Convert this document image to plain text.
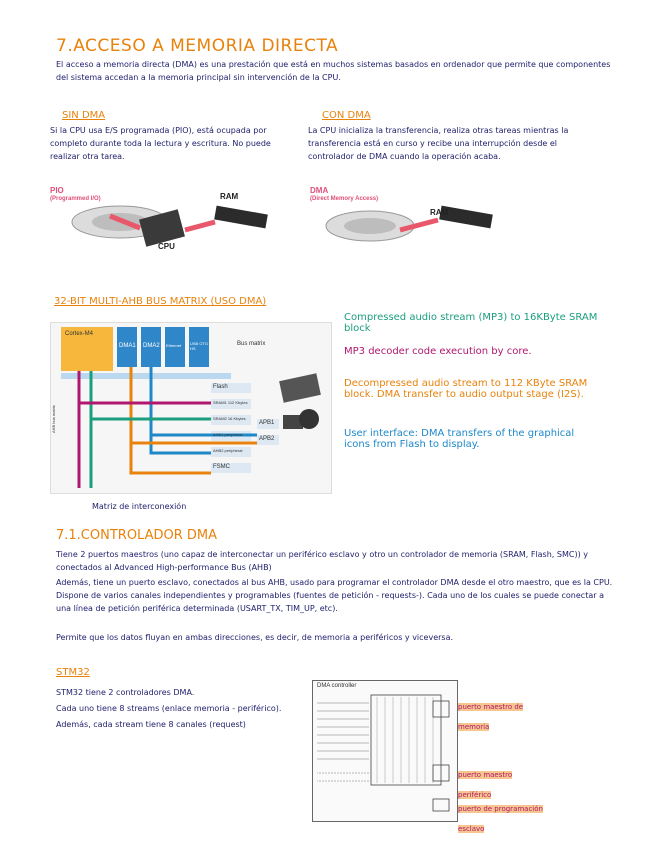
7.ACCESO A MEMORIA DIRECTA
El acceso a memoria directa (DMA) es una prestación que está en muchos sistemas basados en ordenador que permite que componentes del sistema accedan a la memoria principal sin intervención de la CPU.
SIN DMA
Si la CPU usa E/S programada (PIO), está ocupada por completo durante toda la lectura y escritura. No puede realizar otra tarea.
CON DMA
La CPU inicializa la transferencia, realiza otras tareas mientras la transferencia está en curso y recibe una interrupción desde el controlador de DMA cuando la operación acaba.
PIO
(Programmed I/O)	RAM
CPU
DMA
(Direct Memory Access)
RAM
32-BIT MULTI-AHB BUS MATRIX (USO DMA)
Cortex-M4
DMA1 DMA2 Ethernet USB OTG HS
Bus matrix
Flash
SRAM1 112 Kbytes
SRAM2 16 Kbytes
AHB1 peripheral
AHB2 peripheral
FSMC
APB1
APB2
AHB bus matrix
Matriz de interconexión
Compressed audio stream (MP3) to 16KByte SRAM block
MP3 decoder code execution by core.
Decompressed audio stream to 112 KByte SRAM block. DMA transfer to audio output stage (I2S).
User interface: DMA transfers of the graphical icons from Flash to display.
7.1.CONTROLADOR DMA
Tiene 2 puertos maestros (uno capaz de interconectar un periférico esclavo y otro un controlador de memoria (SRAM, Flash, SMC)) y conectados al Advanced High-performance Bus (AHB)
Además, tiene un puerto esclavo, conectados al bus AHB, usado para programar el controlador DMA desde el otro maestro, que es la CPU. Dispone de varios canales independientes y programables (fuentes de petición - requests-). Cada uno de los cuales se puede conectar a una línea de petición periférica determinada (USART_TX, TIM_UP, etc).
Permite que los datos fluyan en ambas direcciones, es decir, de memoria a periféricos y viceversa.
STM32
STM32 tiene 2 controladores DMA.
Cada uno tiene 8 streams (enlace memoria - periférico).
Además, cada stream tiene 8 canales (request)
DMA controller
puerto maestro de memoria
puerto maestro periférico
puerto de programación esclavo
